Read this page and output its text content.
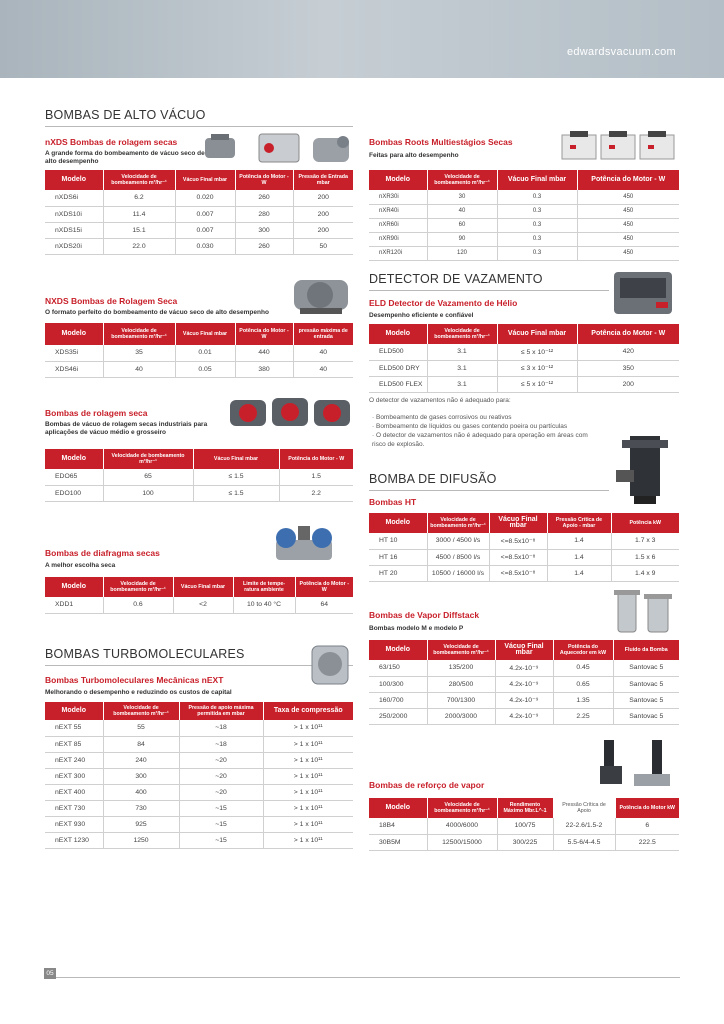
edwardsvacuum.com
BOMBAS DE ALTO VÁCUO
nXDS Bombas de rolagem secas
A grande forma do bombeamento de vácuo seco de alto desempenho
Modelo	Velocidade de bombeamento m³/hr⁻¹	Vácuo Final mbar	Potência do Motor - W	Pressão de Entrada mbar
nXDS6i	6.2	0.020	260	200
nXDS10i	11.4	0.007	280	200
nXDS15i	15.1	0.007	300	200
nXDS20i	22.0	0.030	260	50
NXDS Bombas de Rolagem Seca
O formato perfeito do bombeamento de vácuo seco de alto desempenho
Modelo	Velocidade de bombeamento m³/hr⁻¹	Vácuo Final mbar	Potência do Motor - W	pressão máxima de entrada
XDS35i	35	0.01	440	40
XDS46i	40	0.05	380	40
Bombas de rolagem seca
Bombas de vácuo de rolagem secas industriais para aplicações de vácuo médio e grosseiro
Modelo	Velocidade de bombeamento m³/hr⁻¹	Vácuo Final mbar	Potência do Motor - W
EDO65	65	≤ 1.5	1.5
EDO100	100	≤ 1.5	2.2
Bombas de diafragma secas
A melhor escolha seca
Modelo	Velocidade de bombeamento m³/hr⁻¹	Vácuo Final mbar	Limite de tempe- ratura ambiente	Potência do Motor - W
XDD1	0.6	<2	10 to 40 °C	64
BOMBAS TURBOMOLECULARES
Bombas Turbomoleculares Mecânicas nEXT
Melhorando o desempenho e reduzindo os custos de capital
Modelo	Velocidade de bombeamento m³/hr⁻¹	Pressão de apoio máxima permitida em mbar	Taxa de compressão
nEXT 55	55	~18	> 1 x 10¹¹
nEXT 85	84	~18	> 1 x 10¹¹
nEXT 240	240	~20	> 1 x 10¹¹
nEXT 300	300	~20	> 1 x 10¹¹
nEXT 400	400	~20	> 1 x 10¹¹
nEXT 730	730	~15	> 1 x 10¹¹
nEXT 930	925	~15	> 1 x 10¹¹
nEXT 1230	1250	~15	> 1 x 10¹¹
Bombas Roots Multiestágios Secas
Feitas para alto desempenho
Modelo	Velocidade de bombeamento m³/hr⁻¹	Vácuo Final mbar	Potência do Motor - W
nXR30i	30	0.3	450
nXR40i	40	0.3	450
nXR60i	60	0.3	450
nXR90i	90	0.3	450
nXR120i	120	0.3	450
DETECTOR DE VAZAMENTO
ELD Detector de Vazamento de Hélio
Desempenho eficiente e confiável
Modelo	Velocidade de bombeamento m³/hr⁻¹	Vácuo Final mbar	Potência do Motor - W
ELD500	3.1	≤ 5 x 10⁻¹²	420
ELD500 DRY	3.1	≤ 3 x 10⁻¹²	350
ELD500 FLEX	3.1	≤ 5 x 10⁻¹²	200
O detector de vazamentos não é adequado para:
· Bombeamento de gases corrosivos ou reativos
· Bombeamento de líquidos ou gases contendo poeira ou partículas
· O detector de vazamentos não é adequado para operação em áreas com risco de explosão.
BOMBA DE DIFUSÃO
Bombas HT
Modelo	Velocidade de bombeamento m³/hr⁻¹	Vácuo Final mbar	Pressão Crítica de Apoio - mbar	Potência kW
HT 10	3000 / 4500 l/s	<=8.5x10⁻⁸	1.4	1.7 x 3
HT 16	4500 / 8500 l/s	<=8.5x10⁻⁸	1.4	1.5 x 6
HT 20	10500 / 16000 l/s	<=8.5x10⁻⁸	1.4	1.4 x 9
Bombas de Vapor Diffstack
Bombas modelo M e modelo P
Modelo	Velocidade de bombeamento m³/hr⁻¹	Vácuo Final mbar	Potência do Aquecedor em kW	Fluido da Bomba
63/150	135/200	4.2x-10⁻⁹	0.45	Santovac 5
100/300	280/500	4.2x-10⁻⁹	0.65	Santovac 5
160/700	700/1300	4.2x-10⁻⁹	1.35	Santovac 5
250/2000	2000/3000	4.2x-10⁻⁹	2.25	Santovac 5
Bombas de reforço de vapor
Modelo	Velocidade de bombeamento m³/hr⁻¹	Rendimento Máximo Mbr.L^-1	Pressão Crítica de Apoio	Potência do Motor kW
18B4	4000/6000	100/75	22-2.6/1.5-2	6
30B5M	12500/15000	300/225	5.5-6/4-4.5	222.5
05
